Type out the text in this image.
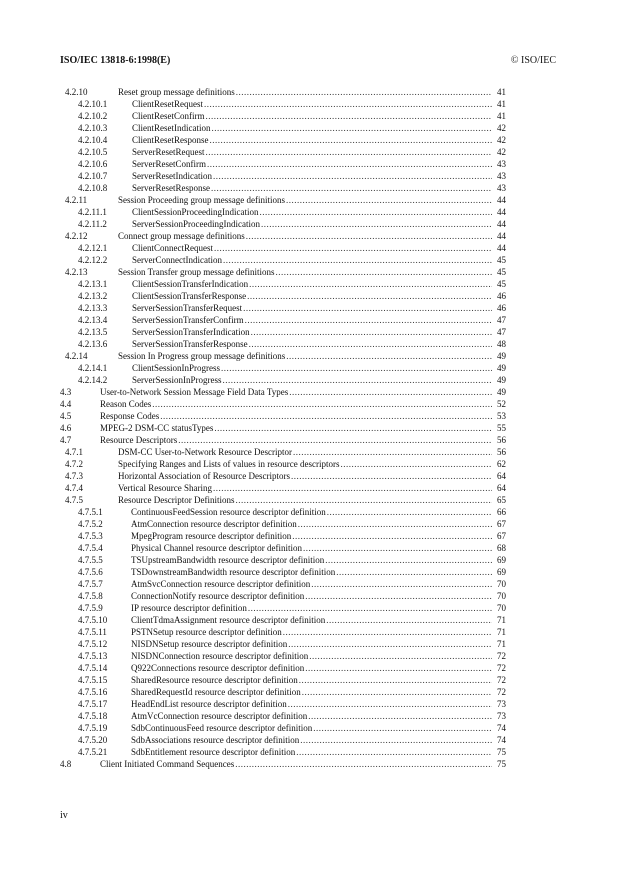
ISO/IEC 13818-6:1998(E)	© ISO/IEC
4.2.10	Reset group message definitions .....	41
4.2.10.1	ClientResetRequest .....	41
4.2.10.2	ClientResetConfirm .....	41
4.2.10.3	ClientResetIndication .....	42
4.2.10.4	ClientResetResponse .....	42
4.2.10.5	ServerResetRequest .....	42
4.2.10.6	ServerResetConfirm .....	43
4.2.10.7	ServerResetIndication .....	43
4.2.10.8	ServerResetResponse .....	43
4.2.11	Session Proceeding group message definitions .....	44
4.2.11.1	ClientSessionProceedingIndication .....	44
4.2.11.2	ServerSessionProceedingIndication .....	44
4.2.12	Connect group message definitions .....	44
4.2.12.1	ClientConnectRequest .....	44
4.2.12.2	ServerConnectIndication .....	45
4.2.13	Session Transfer group message definitions .....	45
4.2.13.1	ClientSessionTransferIndication .....	45
4.2.13.2	ClientSessionTransferResponse .....	46
4.2.13.3	ServerSessionTransferRequest .....	46
4.2.13.4	ServerSessionTransferConfirm .....	47
4.2.13.5	ServerSessionTransferIndication .....	47
4.2.13.6	ServerSessionTransferResponse .....	48
4.2.14	Session In Progress group message definitions .....	49
4.2.14.1	ClientSessionInProgress .....	49
4.2.14.2	ServerSessionInProgress .....	49
4.3	User-to-Network Session Message Field Data Types .....	49
4.4	Reason Codes .....	52
4.5	Response Codes .....	53
4.6	MPEG-2 DSM-CC statusTypes .....	55
4.7	Resource Descriptors .....	56
4.7.1	DSM-CC User-to-Network Resource Descriptor .....	56
4.7.2	Specifying Ranges and Lists of values in resource descriptors .....	62
4.7.3	Horizontal Association of Resource Descriptors .....	64
4.7.4	Vertical Resource Sharing .....	64
4.7.5	Resource Descriptor Definitions .....	65
4.7.5.1	ContinuousFeedSession resource descriptor definition .....	66
4.7.5.2	AtmConnection resource descriptor definition .....	67
4.7.5.3	MpegProgram resource descriptor definition .....	67
4.7.5.4	Physical Channel resource descriptor definition .....	68
4.7.5.5	TSUpstreamBandwidth resource descriptor definition .....	69
4.7.5.6	TSDownstreamBandwidth resource descriptor definition .....	69
4.7.5.7	AtmSvcConnection resource descriptor definition .....	70
4.7.5.8	ConnectionNotify resource descriptor definition .....	70
4.7.5.9	IP resource descriptor definition .....	70
4.7.5.10	ClientTdmaAssignment resource descriptor definition .....	71
4.7.5.11	PSTNSetup resource descriptor definition .....	71
4.7.5.12	NISDNSetup resource descriptor definition .....	71
4.7.5.13	NISDNConnection resource descriptor definition .....	72
4.7.5.14	Q922Connections resource descriptor definition .....	72
4.7.5.15	SharedResource resource descriptor definition .....	72
4.7.5.16	SharedRequestId resource descriptor definition .....	72
4.7.5.17	HeadEndList resource descriptor definition .....	73
4.7.5.18	AtmVcConnection resource descriptor definition .....	73
4.7.5.19	SdbContinuousFeed resource descriptor definition .....	74
4.7.5.20	SdbAssociations resource descriptor definition .....	74
4.7.5.21	SdbEntitlement resource descriptor definition .....	75
4.8	Client Initiated Command Sequences .....	75
iv
